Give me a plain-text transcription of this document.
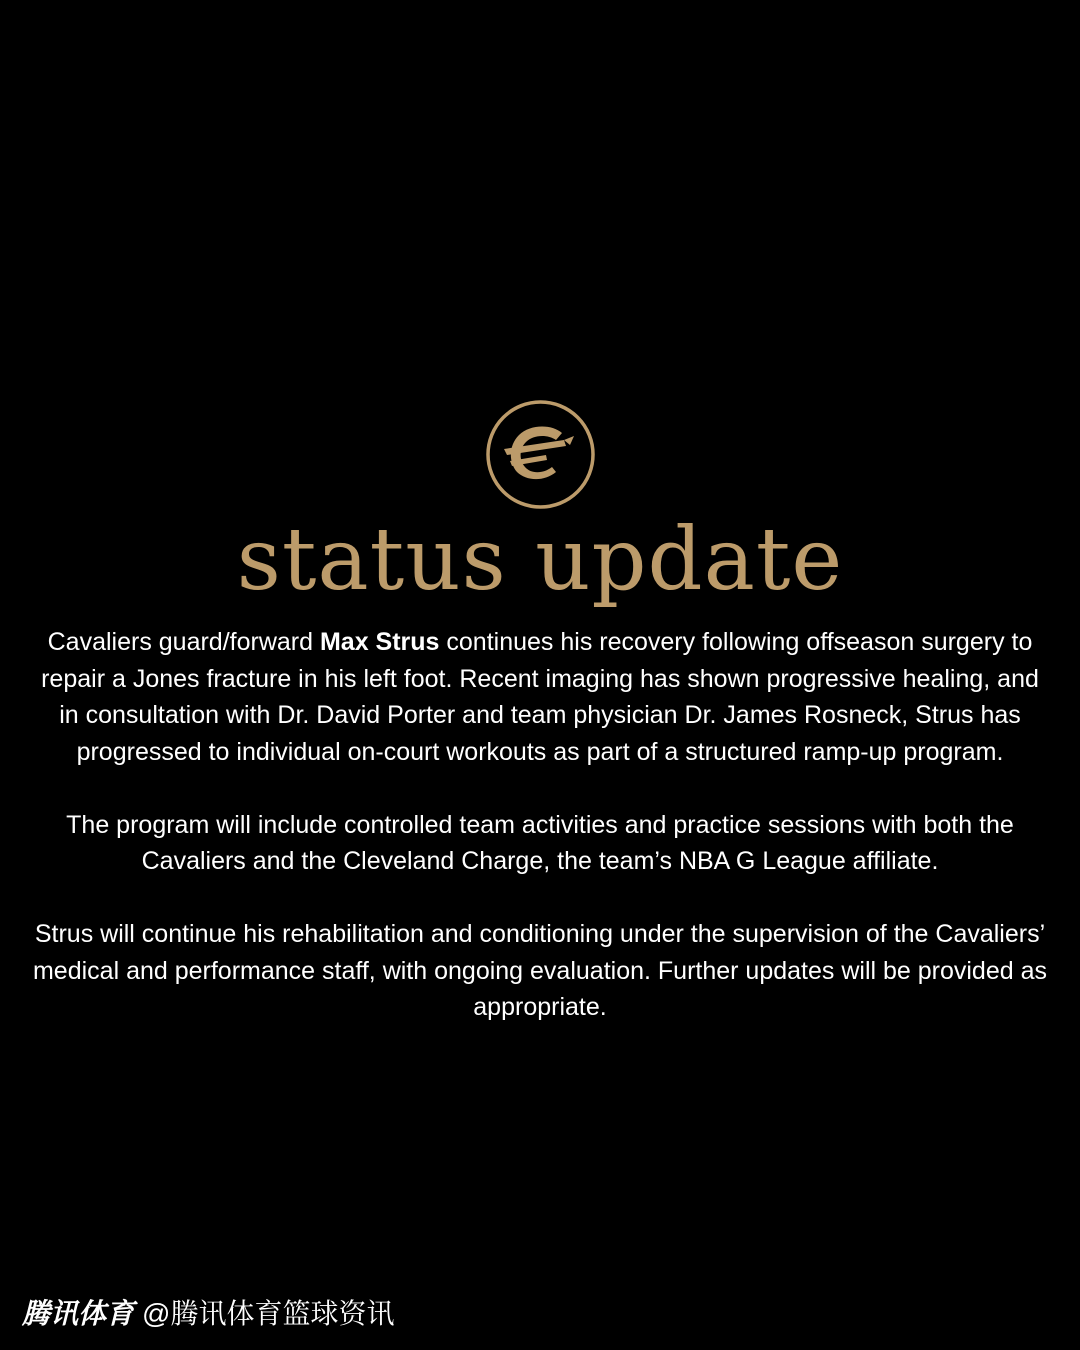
status update

Cavaliers guard/forward Max Strus continues his recovery following offseason surgery to repair a Jones fracture in his left foot. Recent imaging has shown progressive healing, and in consultation with Dr. David Porter and team physician Dr. James Rosneck, Strus has progressed to individual on-court workouts as part of a structured ramp-up program.

The program will include controlled team activities and practice sessions with both the Cavaliers and the Cleveland Charge, the team’s NBA G League affiliate.

Strus will continue his rehabilitation and conditioning under the supervision of the Cavaliers’ medical and performance staff, with ongoing evaluation. Further updates will be provided as appropriate.

腾讯体育 @腾讯体育篮球资讯
